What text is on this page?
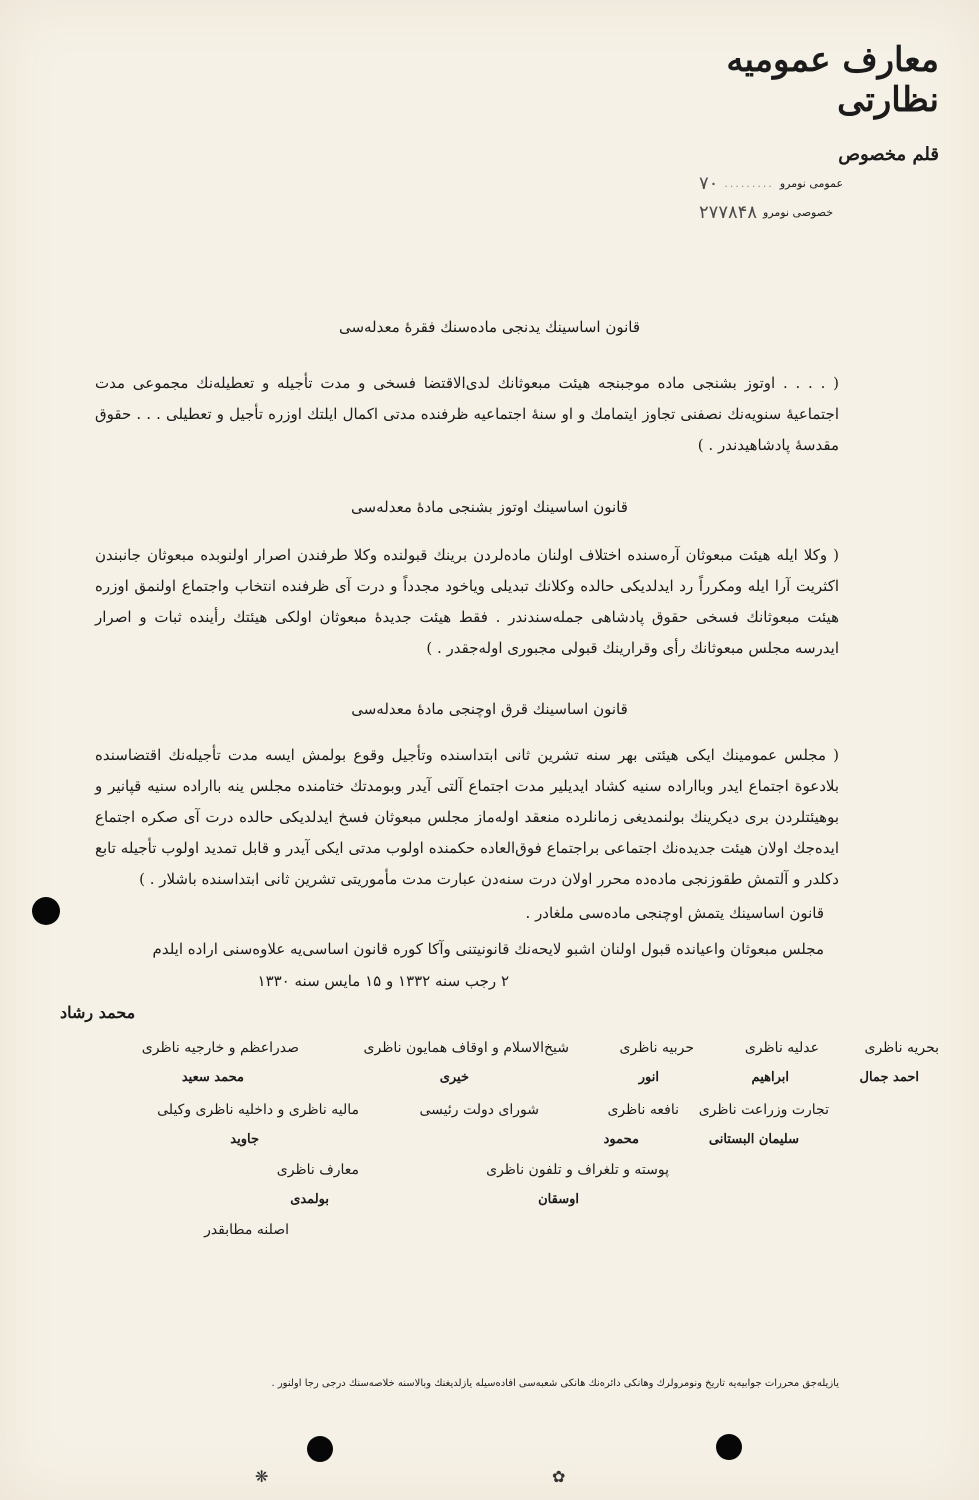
معارف عموميه نظارتی
قلم مخصوص
عمومی نومرو
.........
۷۰
خصوصی نومرو
۲۷۷۸۴۸
قانون اساسینك یدنجی ماده‌سنك فقرهٔ معدله‌سی
( . . . . اوتوز بشنجی ماده موجبنجه هیئت مبعوثانك لدی‌الاقتضا فسخی و مدت تأجیله و تعطیله‌نك مجموعی مدت اجتماعیهٔ سنویه‌نك نصفنی تجاوز ایتمامك و او سنهٔ اجتماعیه ظرفنده مدتی اکمال ایلتك اوزره تأجیل و تعطیلی . . . حقوق مقدسهٔ پادشاهیدندر . )
قانون اساسینك اوتوز بشنجی مادهٔ معدله‌سی
( وکلا ایله هیئت مبعوثان آره‌سنده اختلاف اولنان ماده‌لردن برینك قبولنده وکلا طرفندن اصرار اولنوبده مبعوثان جانبندن اکثریت آرا ایله ومکرراً رد ایدلدیکی حالده وکلانك تبدیلی ویاخود مجدداً و درت آی ظرفنده انتخاب واجتماع اولنمق اوزره هیئت مبعوثانك فسخی حقوق پادشاهی جمله‌سندندر . فقط هیئت جدیدهٔ مبعوثان اولکی هیئتك رأینده ثبات و اصرار ایدرسه مجلس مبعوثانك رأی وقرارینك قبولی مجبوری اوله‌جقدر . )
قانون اساسینك قرق اوچنجی مادهٔ معدله‌سی
( مجلس عمومینك ایکی هیئتی بهر سنه تشرین ثانی ابتداسنده وتأجیل وقوع بولمش ایسه مدت تأجیله‌نك اقتضاسنده بلادعوة اجتماع ایدر وبااراده سنیه کشاد ایدیلیر مدت اجتماع آلتی آیدر وبومدتك ختامنده مجلس ینه بااراده سنیه قپانیر و بوهیئتلردن بری دیکرینك بولنمدیغی زمانلرده منعقد اوله‌ماز مجلس مبعوثان فسخ ایدلدیکی حالده درت آی صکره اجتماع ایده‌جك اولان هیئت جدیده‌نك اجتماعی براجتماع فوق‌العاده حکمنده اولوب مدتی ایکی آیدر و قابل تمدید اولوب تأجیله تابع دکلدر و آلتمش طقوزنجی ماده‌ده محرر اولان درت سنه‌دن عبارت مدت مأموریتی تشرین ثانی ابتداسنده باشلار . )
قانون اساسینك یتمش اوچنجی ماده‌سی ملغادر .
مجلس مبعوثان واعیانده قبول اولنان اشبو لایحه‌نك قانونیتنی وآکا کوره قانون اساسی‌یه علاوه‌سنی اراده ایلدم
۲ رجب سنه ۱۳۳۲ و ۱۵ مایس سنه ۱۳۳۰
محمد رشاد
بحریه ناظری
عدلیه ناظری
حربیه ناظری
شیخ‌الاسلام و اوقاف همایون ناظری
صدراعظم و خارجیه ناظری
احمد جمال
ابراهیم
انور
خیری
محمد سعید
تجارت وزراعت ناظری
نافعه ناظری
شورای دولت رئیسی
مالیه ناظری و داخلیه ناظری وکیلی
سلیمان البستانی
محمود
جاوید
پوسته و تلغراف و تلفون ناظری
معارف ناظری
اوسقان
بولمدی
اصلنه مطابقدر
یازیلەجق محررات جوابیه‌یه تاریخ ونومرولرك وهانکی دائره‌نك هانکی شعبه‌سی افاده‌سیله یازلدیغنك وبالاسنه خلاصه‌سنك درجی رجا اولنور .
❋	✿
